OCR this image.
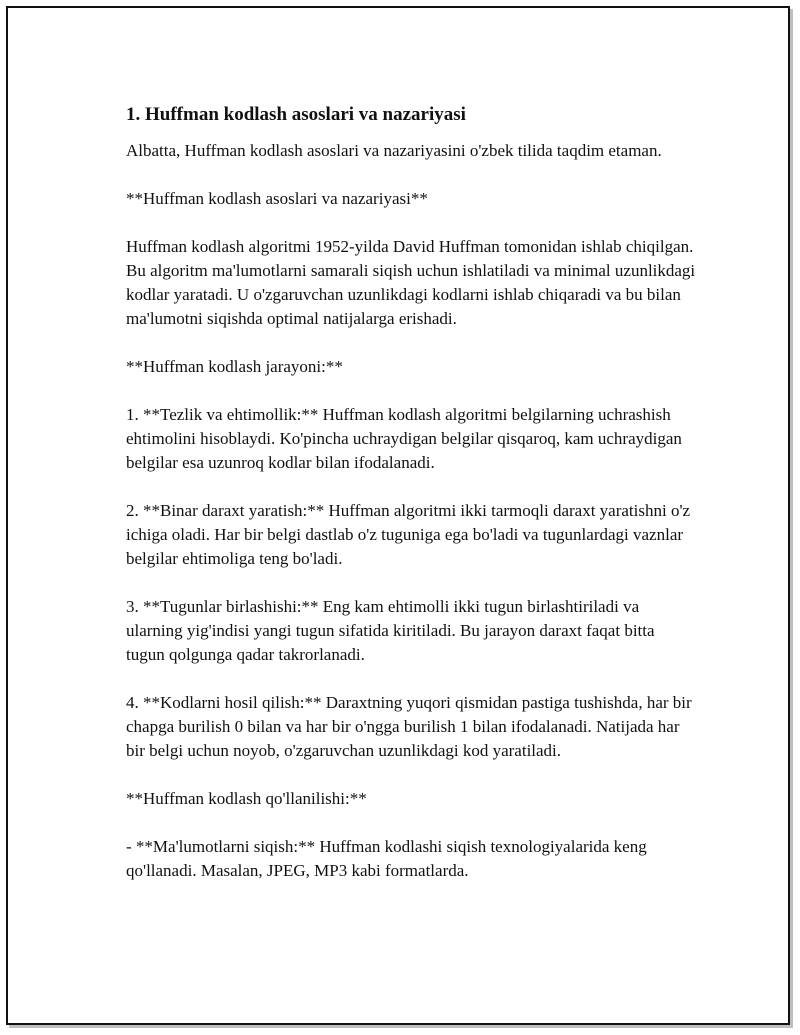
1. Huffman kodlash asoslari va nazariyasi

Albatta, Huffman kodlash asoslari va nazariyasini o'zbek tilida taqdim etaman.

**Huffman kodlash asoslari va nazariyasi**

Huffman kodlash algoritmi 1952-yilda David Huffman tomonidan ishlab chiqilgan. Bu algoritm ma'lumotlarni samarali siqish uchun ishlatiladi va minimal uzunlikdagi kodlar yaratadi. U o'zgaruvchan uzunlikdagi kodlarni ishlab chiqaradi va bu bilan ma'lumotni siqishda optimal natijalarga erishadi.

**Huffman kodlash jarayoni:**

1. **Tezlik va ehtimollik:** Huffman kodlash algoritmi belgilarning uchrashish ehtimolini hisoblaydi. Ko'pincha uchraydigan belgilar qisqaroq, kam uchraydigan belgilar esa uzunroq kodlar bilan ifodalanadi.

2. **Binar daraxt yaratish:** Huffman algoritmi ikki tarmoqli daraxt yaratishni o'z ichiga oladi. Har bir belgi dastlab o'z tuguniga ega bo'ladi va tugunlardagi vaznlar belgilar ehtimoliga teng bo'ladi.

3. **Tugunlar birlashishi:** Eng kam ehtimolli ikki tugun birlashtiriladi va ularning yig'indisi yangi tugun sifatida kiritiladi. Bu jarayon daraxt faqat bitta tugun qolgunga qadar takrorlanadi.

4. **Kodlarni hosil qilish:** Daraxtning yuqori qismidan pastiga tushishda, har bir chapga burilish 0 bilan va har bir o'ngga burilish 1 bilan ifodalanadi. Natijada har bir belgi uchun noyob, o'zgaruvchan uzunlikdagi kod yaratiladi.

**Huffman kodlash qo'llanilishi:**

- **Ma'lumotlarni siqish:** Huffman kodlashi siqish texnologiyalarida keng qo'llanadi. Masalan, JPEG, MP3 kabi formatlarda.
